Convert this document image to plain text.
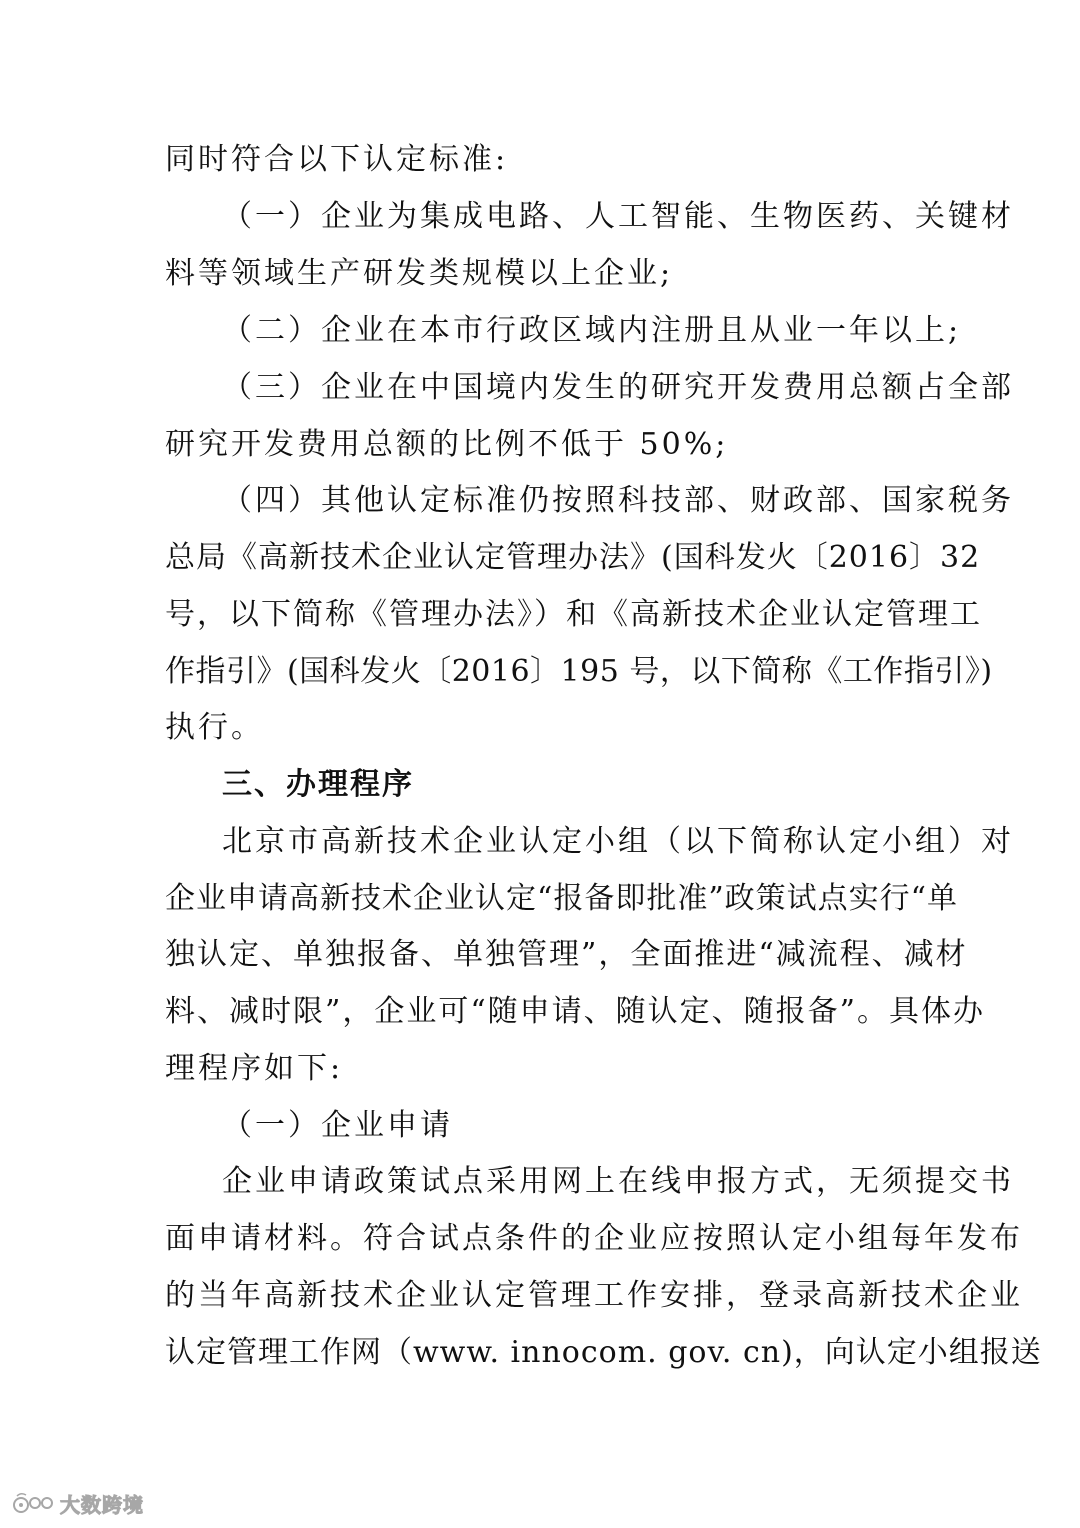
同时符合以下认定标准:
（一）企业为集成电路、人工智能、生物医药、关键材
料等领域生产研发类规模以上企业;
（二）企业在本市行政区域内注册且从业一年以上;
（三）企业在中国境内发生的研究开发费用总额占全部
研究开发费用总额的比例不低于 50%;
（四）其他认定标准仍按照科技部、财政部、国家税务
总局《高新技术企业认定管理办法》(国科发火〔2016〕32
号，以下简称《管理办法》）和《高新技术企业认定管理工
作指引》(国科发火〔2016〕195 号，以下简称《工作指引》)
执行。
三、办理程序
北京市高新技术企业认定小组（以下简称认定小组）对
企业申请高新技术企业认定“报备即批准”政策试点实行“单
独认定、单独报备、单独管理”，全面推进“减流程、减材
料、减时限”，企业可“随申请、随认定、随报备”。具体办
理程序如下:
（一）企业申请
企业申请政策试点采用网上在线申报方式，无须提交书
面申请材料。符合试点条件的企业应按照认定小组每年发布
的当年高新技术企业认定管理工作安排，登录高新技术企业
认定管理工作网（www. innocom. gov. cn)，向认定小组报送
大数跨境
